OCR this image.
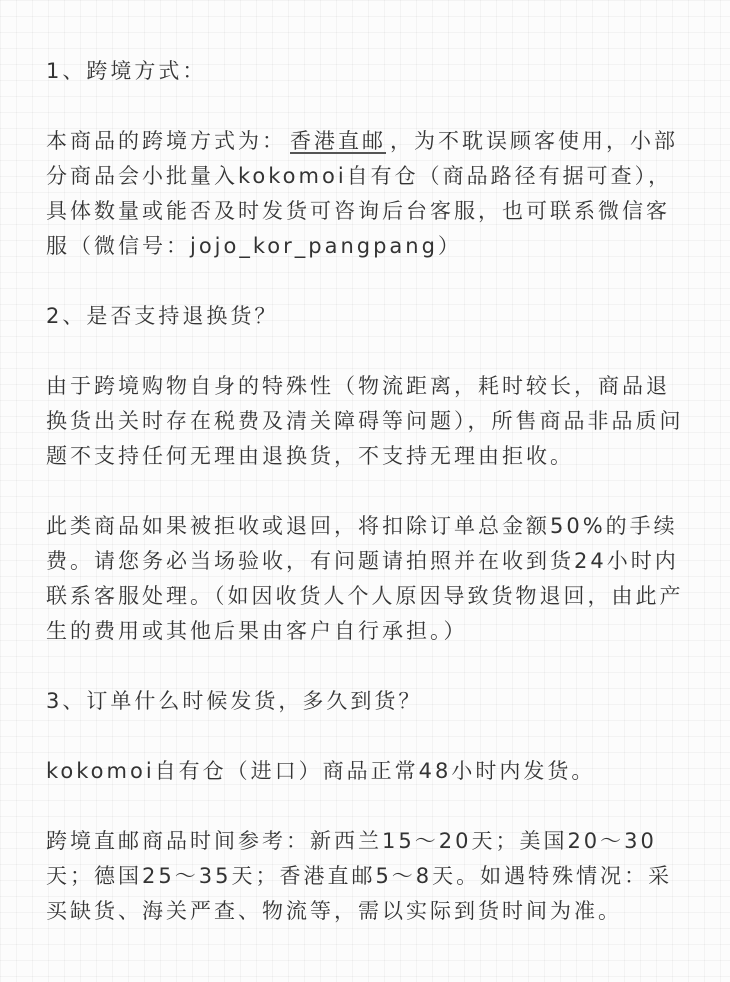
1、跨境方式：

本商品的跨境方式为： 香港直邮 ，为不耽误顾客使用，小部分商品会小批量入kokomoi自有仓（商品路径有据可查），具体数量或能否及时发货可咨询后台客服，也可联系微信客服（微信号：jojo_kor_pangpang）

2、是否支持退换货？

由于跨境购物自身的特殊性（物流距离，耗时较长，商品退换货出关时存在税费及清关障碍等问题），所售商品非品质问题不支持任何无理由退换货，不支持无理由拒收。

此类商品如果被拒收或退回，将扣除订单总金额50%的手续费。请您务必当场验收，有问题请拍照并在收到货24小时内联系客服处理。（如因收货人个人原因导致货物退回，由此产生的费用或其他后果由客户自行承担。）

3、订单什么时候发货，多久到货？

kokomoi自有仓（进口）商品正常48小时内发货。

跨境直邮商品时间参考：新西兰15～20天；美国20～30天；德国25～35天；香港直邮5～8天。如遇特殊情况：采买缺货、海关严查、物流等，需以实际到货时间为准。
